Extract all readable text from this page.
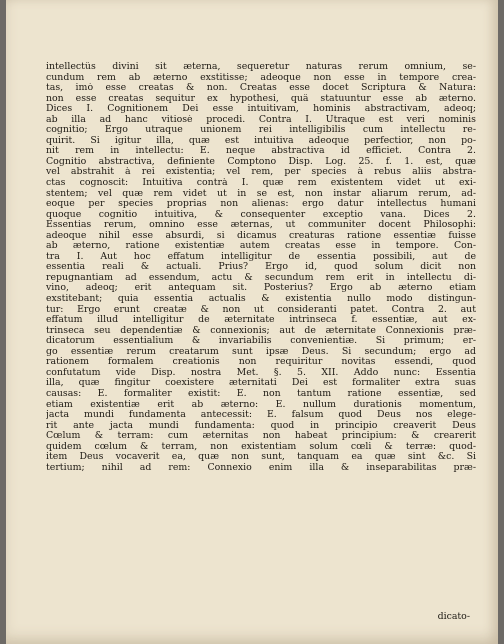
intellectûs divini sit æterna, sequeretur naturas rerum omnium, se-
cundum rem ab æterno exstitisse; adeoque non esse in tempore crea-
tas, imò esse creatas & non. Creatas esse docet Scriptura & Natura:
non esse creatas sequitur ex hypothesi, quâ statuuntur esse ab æterno.
Dices I. Cognitionem Dei esse intuitivam, hominis abstractivam, adeoq;
ab illa ad hanc vitiosè procedi. Contra I. Utraque est veri nominis
cognitio; Ergo utraque unionem rei intelligibilis cum intellectu re-
quirit. Si igitur illa, quæ est intuitiva adeoque perfectior, non po-
nit rem in intellectu: E. neque abstractiva id efficiet. Contra 2.
Cognitio abstractiva, definiente Comptono Disp. Log. 25. f. 1. est, quæ
vel abstrahit à rei existentia; vel rem, per species à rebus aliis abstra-
ctas cognoscit: Intuitiva contrà I. quæ rem existentem videt ut exi-
stentem; vel quæ rem videt ut in se est, non instar aliarum rerum, ad-
eoque per species proprias non alienas: ergo datur intellectus humani
quoque cognitio intuitiva, & consequenter exceptio vana. Dices 2.
Essentias rerum, omnino esse æternas, ut communiter docent Philosophi:
adeoque nihil esse absurdi, si dicamus creaturas ratione essentiæ fuisse
ab æterno, ratione existentiæ autem creatas esse in tempore. Con-
tra I. Aut hoc effatum intelligitur de essentia possibili, aut de
essentia reali & actuali. Prius? Ergo id, quod solum dicit non
repugnantiam ad essendum, actu & secundum rem erit in intellectu di-
vino, adeoq; erit antequam sit. Posterius? Ergo ab æterno etiam
exstitebant; quia essentia actualis & existentia nullo modo distingun-
tur: Ergo erunt creatæ & non ut consideranti patet. Contra 2. aut
effatum illud intelligitur de æternitate intrinseca f. essentiæ, aut ex-
trinseca seu dependentiæ & connexionis; aut de æternitate Connexionis præ-
dicatorum essentialium & invariabilis convenientiæ. Si primum; er-
go essentiæ rerum creatarum sunt ipsæ Deus. Si secundum; ergo ad
rationem formalem creationis non requiritur novitas essendi, quod
confutatum vide Disp. nostra Met. §. 5. XII. Addo nunc: Essentia
illa, quæ fingitur coexistere æternitati Dei est formaliter extra suas
causas: E. formaliter existit: E. non tantum ratione essentiæ, sed
etiam existentiæ erit ab æterno: E. nullum durationis momentum,
jacta mundi fundamenta antecessit: E. falsum quod Deus nos elege-
rit ante jacta mundi fundamenta: quod in principio creaverit Deus
Cœlum & terram: cum æternitas non habeat principium: & crearerit
quidem cœlum & terram, non existentiam solum cœli & terræ: quod-
item Deus vocaverit ea, quæ non sunt, tanquam ea quæ sint &c. Si
tertium; nihil ad rem: Connexio enim illa & inseparabilitas præ-
dicato-
